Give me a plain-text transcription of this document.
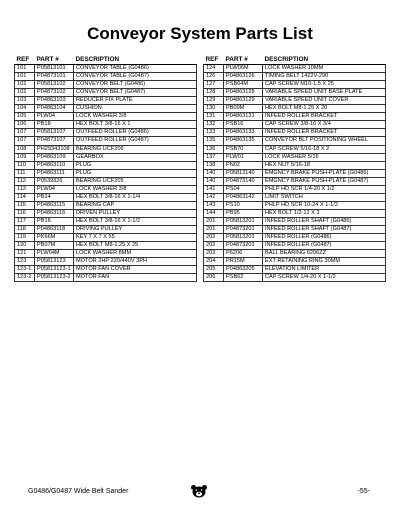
Conveyor System Parts List
REF	PART #	DESCRIPTION
101	P05813101	CONVEYOR TABLE (G0486)
101	P04873101	CONVEYOR TABLE (G0487)
102	P05813102	CONVEYOR BELT (G0486)
102	P04873102	CONVEYOR BELT (G0487)
103	P04863103	REDUCER FIX PLATE
104	P04863104	CUSHION
105	PLW04	LOCK WASHER 3/8
106	PB18	HEX BOLT 3/8-16 X 1
107	P05813107	OUTFEED ROLLER (G0486)
107	P04873107	OUTFEED ROLLER (G0487)
108	PH29343108	BEARING UCF206
109	P04863109	GEARBOX
110	P04863110	PLUG
111	P04863111	PLUG
112	P0539326	BEARING UCF205
113	PLW04	LOCK WASHER 3/8
114	PB24	HEX BOLT 3/8-16 X 1-1/4
115	P04863115	BEARING CAP
116	P04863116	DRIVEN PULLEY
117	PB16	HEX BOLT 3/8-16 X 1-1/2
118	P04863118	DRIVING PULLEY
119	PK66M	KEY 7 X 7 X 55
120	PB07M	HEX BOLT M8-1.25 X 25
121	PLW04M	LOCK WASHER 8MM
123	P05813123	MOTOR 2HP 220/440V 3PH
123-1	P05813123-1	MOTOR FAN COVER
123-2	P05813123-2	MOTOR FAN
REF	PART #	DESCRIPTION
124	PLW06M	LOCK WASHER 10MM
126	P04863126	TIMING BELT 1422V-290
127	PSB64M	CAP SCREW M10-1.5 X 25
128	P04863128	VARIABLE SPEED UNIT BASE PLATE
129	P04863129	VARIABLE SPEED UNIT COVER
130	PB09M	HEX BOLT M8-1.25 X 20
131	P04863131	INFEED ROLLER BRACKET
132	PSB16	CAP SCREW 3/8-16 X 3/4
133	P04863133	INFEED ROLLER BRACKET
135	P04863135	CONVEYOR BLT POSITIONING WHEEL
136	PSB70	CAP SCREW 5/16-18 X 2
137	PLW01	LOCK WASHER 5/16
138	PN02	HEX NUT 5/16-18
140	P05813140	EMGNCY BRAKE PUSH-PLATE (G0486)
140	P04873140	EMGNCY BRAKE PUSH-PLATE (G0487)
141	PS04	PHLP HD SCR 1/4-20 X 1/2
142	P04863142	LIMIT SWITCH
143	PS10	PHLP HD SCR 10-24 X 1-1/2
144	PB95	HEX BOLT 1/2-12 X 3
201	P05813201	INFEED ROLLER SHAFT (G0486)
201	P04873201	INFEED ROLLER SHAFT (G0487)
202	P05813202	INFEED ROLLER (G0486)
202	P04873202	INFEED ROLLER (G0487)
203	P6206	BALL BEARING 6206ZZ
204	PR15M	EXT RETAINING RING 30MM
205	P04863205	ELEVATION LIMITER
206	PSB62	CAP SCREW 1/4-20 X 1-1/2
G0486/G0487 Wide Belt Sander	-55-
